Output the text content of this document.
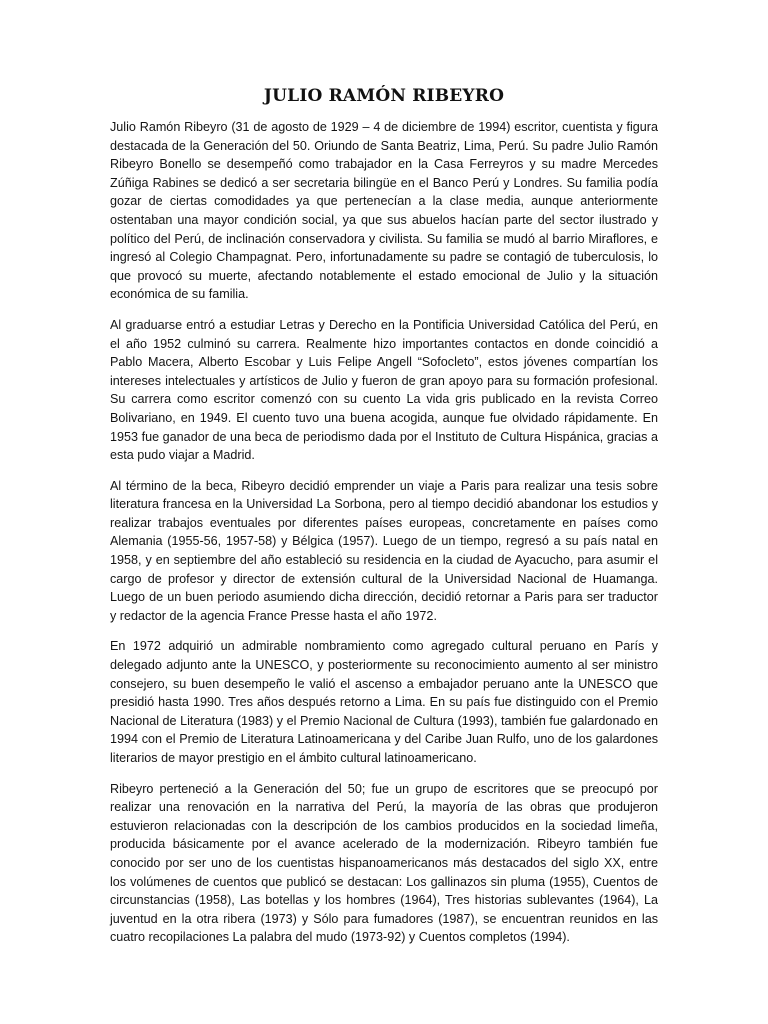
JULIO RAMÓN RIBEYRO

Julio Ramón Ribeyro (31 de agosto de 1929 – 4 de diciembre de 1994) escritor, cuentista y figura destacada de la Generación del 50. Oriundo de Santa Beatriz, Lima, Perú. Su padre Julio Ramón Ribeyro Bonello se desempeñó como trabajador en la Casa Ferreyros y su madre Mercedes Zúñiga Rabines se dedicó a ser secretaria bilingüe en el Banco Perú y Londres. Su familia podía gozar de ciertas comodidades ya que pertenecían a la clase media, aunque anteriormente ostentaban una mayor condición social, ya que sus abuelos hacían parte del sector ilustrado y político del Perú, de inclinación conservadora y civilista. Su familia se mudó al barrio Miraflores, e ingresó al Colegio Champagnat. Pero, infortunadamente su padre se contagió de tuberculosis, lo que provocó su muerte, afectando notablemente el estado emocional de Julio y la situación económica de su familia.

Al graduarse entró a estudiar Letras y Derecho en la Pontificia Universidad Católica del Perú, en el año 1952 culminó su carrera. Realmente hizo importantes contactos en donde coincidió a Pablo Macera, Alberto Escobar y Luis Felipe Angell “Sofocleto”, estos jóvenes compartían los intereses intelectuales y artísticos de Julio y fueron de gran apoyo para su formación profesional. Su carrera como escritor comenzó con su cuento La vida gris publicado en la revista Correo Bolivariano, en 1949. El cuento tuvo una buena acogida, aunque fue olvidado rápidamente. En 1953 fue ganador de una beca de periodismo dada por el Instituto de Cultura Hispánica, gracias a esta pudo viajar a Madrid.

Al término de la beca, Ribeyro decidió emprender un viaje a Paris para realizar una tesis sobre literatura francesa en la Universidad La Sorbona, pero al tiempo decidió abandonar los estudios y realizar trabajos eventuales por diferentes países europeas, concretamente en países como Alemania (1955-56, 1957-58) y Bélgica (1957). Luego de un tiempo, regresó a su país natal en 1958, y en septiembre del año estableció su residencia en la ciudad de Ayacucho, para asumir el cargo de profesor y director de extensión cultural de la Universidad Nacional de Huamanga. Luego de un buen periodo asumiendo dicha dirección, decidió retornar a Paris para ser traductor y redactor de la agencia France Presse hasta el año 1972.

En 1972 adquirió un admirable nombramiento como agregado cultural peruano en París y delegado adjunto ante la UNESCO, y posteriormente su reconocimiento aumento al ser ministro consejero, su buen desempeño le valió el ascenso a embajador peruano ante la UNESCO que presidió hasta 1990. Tres años después retorno a Lima. En su país fue distinguido con el Premio Nacional de Literatura (1983) y el Premio Nacional de Cultura (1993), también fue galardonado en 1994 con el Premio de Literatura Latinoamericana y del Caribe Juan Rulfo, uno de los galardones literarios de mayor prestigio en el ámbito cultural latinoamericano.

Ribeyro perteneció a la Generación del 50; fue un grupo de escritores que se preocupó por realizar una renovación en la narrativa del Perú, la mayoría de las obras que produjeron estuvieron relacionadas con la descripción de los cambios producidos en la sociedad limeña, producida básicamente por el avance acelerado de la modernización. Ribeyro también fue conocido por ser uno de los cuentistas hispanoamericanos más destacados del siglo XX, entre los volúmenes de cuentos que publicó se destacan: Los gallinazos sin pluma (1955), Cuentos de circunstancias (1958), Las botellas y los hombres (1964), Tres historias sublevantes (1964), La juventud en la otra ribera (1973) y Sólo para fumadores (1987), se encuentran reunidos en las cuatro recopilaciones La palabra del mudo (1973-92) y Cuentos completos (1994).
